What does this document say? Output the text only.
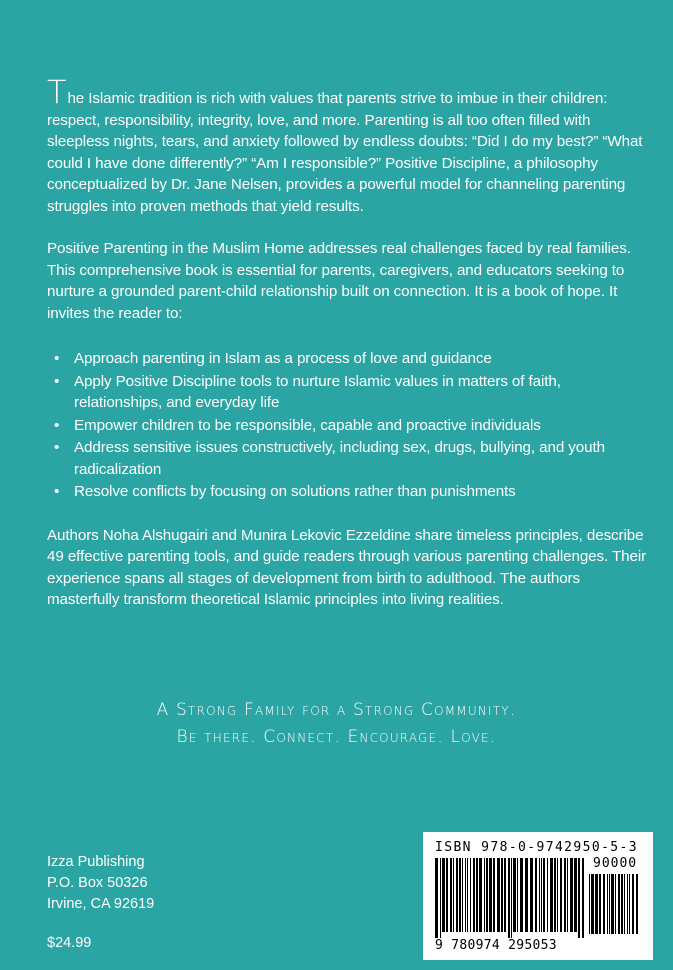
The Islamic tradition is rich with values that parents strive to imbue in their children: respect, responsibility, integrity, love, and more. Parenting is all too often filled with sleepless nights, tears, and anxiety followed by endless doubts: “Did I do my best?” “What could I have done differently?” “Am I responsible?” Positive Discipline, a philosophy conceptualized by Dr. Jane Nelsen, provides a powerful model for channeling parenting struggles into proven methods that yield results.

Positive Parenting in the Muslim Home addresses real challenges faced by real families. This comprehensive book is essential for parents, caregivers, and educators seeking to nurture a grounded parent-child relationship built on connection. It is a book of hope. It invites the reader to:

• Approach parenting in Islam as a process of love and guidance
• Apply Positive Discipline tools to nurture Islamic values in matters of faith, relationships, and everyday life
• Empower children to be responsible, capable and proactive individuals
• Address sensitive issues constructively, including sex, drugs, bullying, and youth radicalization
• Resolve conflicts by focusing on solutions rather than punishments

Authors Noha Alshugairi and Munira Lekovic Ezzeldine share timeless principles, describe 49 effective parenting tools, and guide readers through various parenting challenges. Their experience spans all stages of development from birth to adulthood. The authors masterfully transform theoretical Islamic principles into living realities.

A Strong Family for a Strong Community.
Be there. Connect. Encourage. Love.
Izza Publishing
P.O. Box 50326
Irvine, CA 92619
$24.99
ISBN 978-0-9742950-5-3
90000
9 780974 295053
